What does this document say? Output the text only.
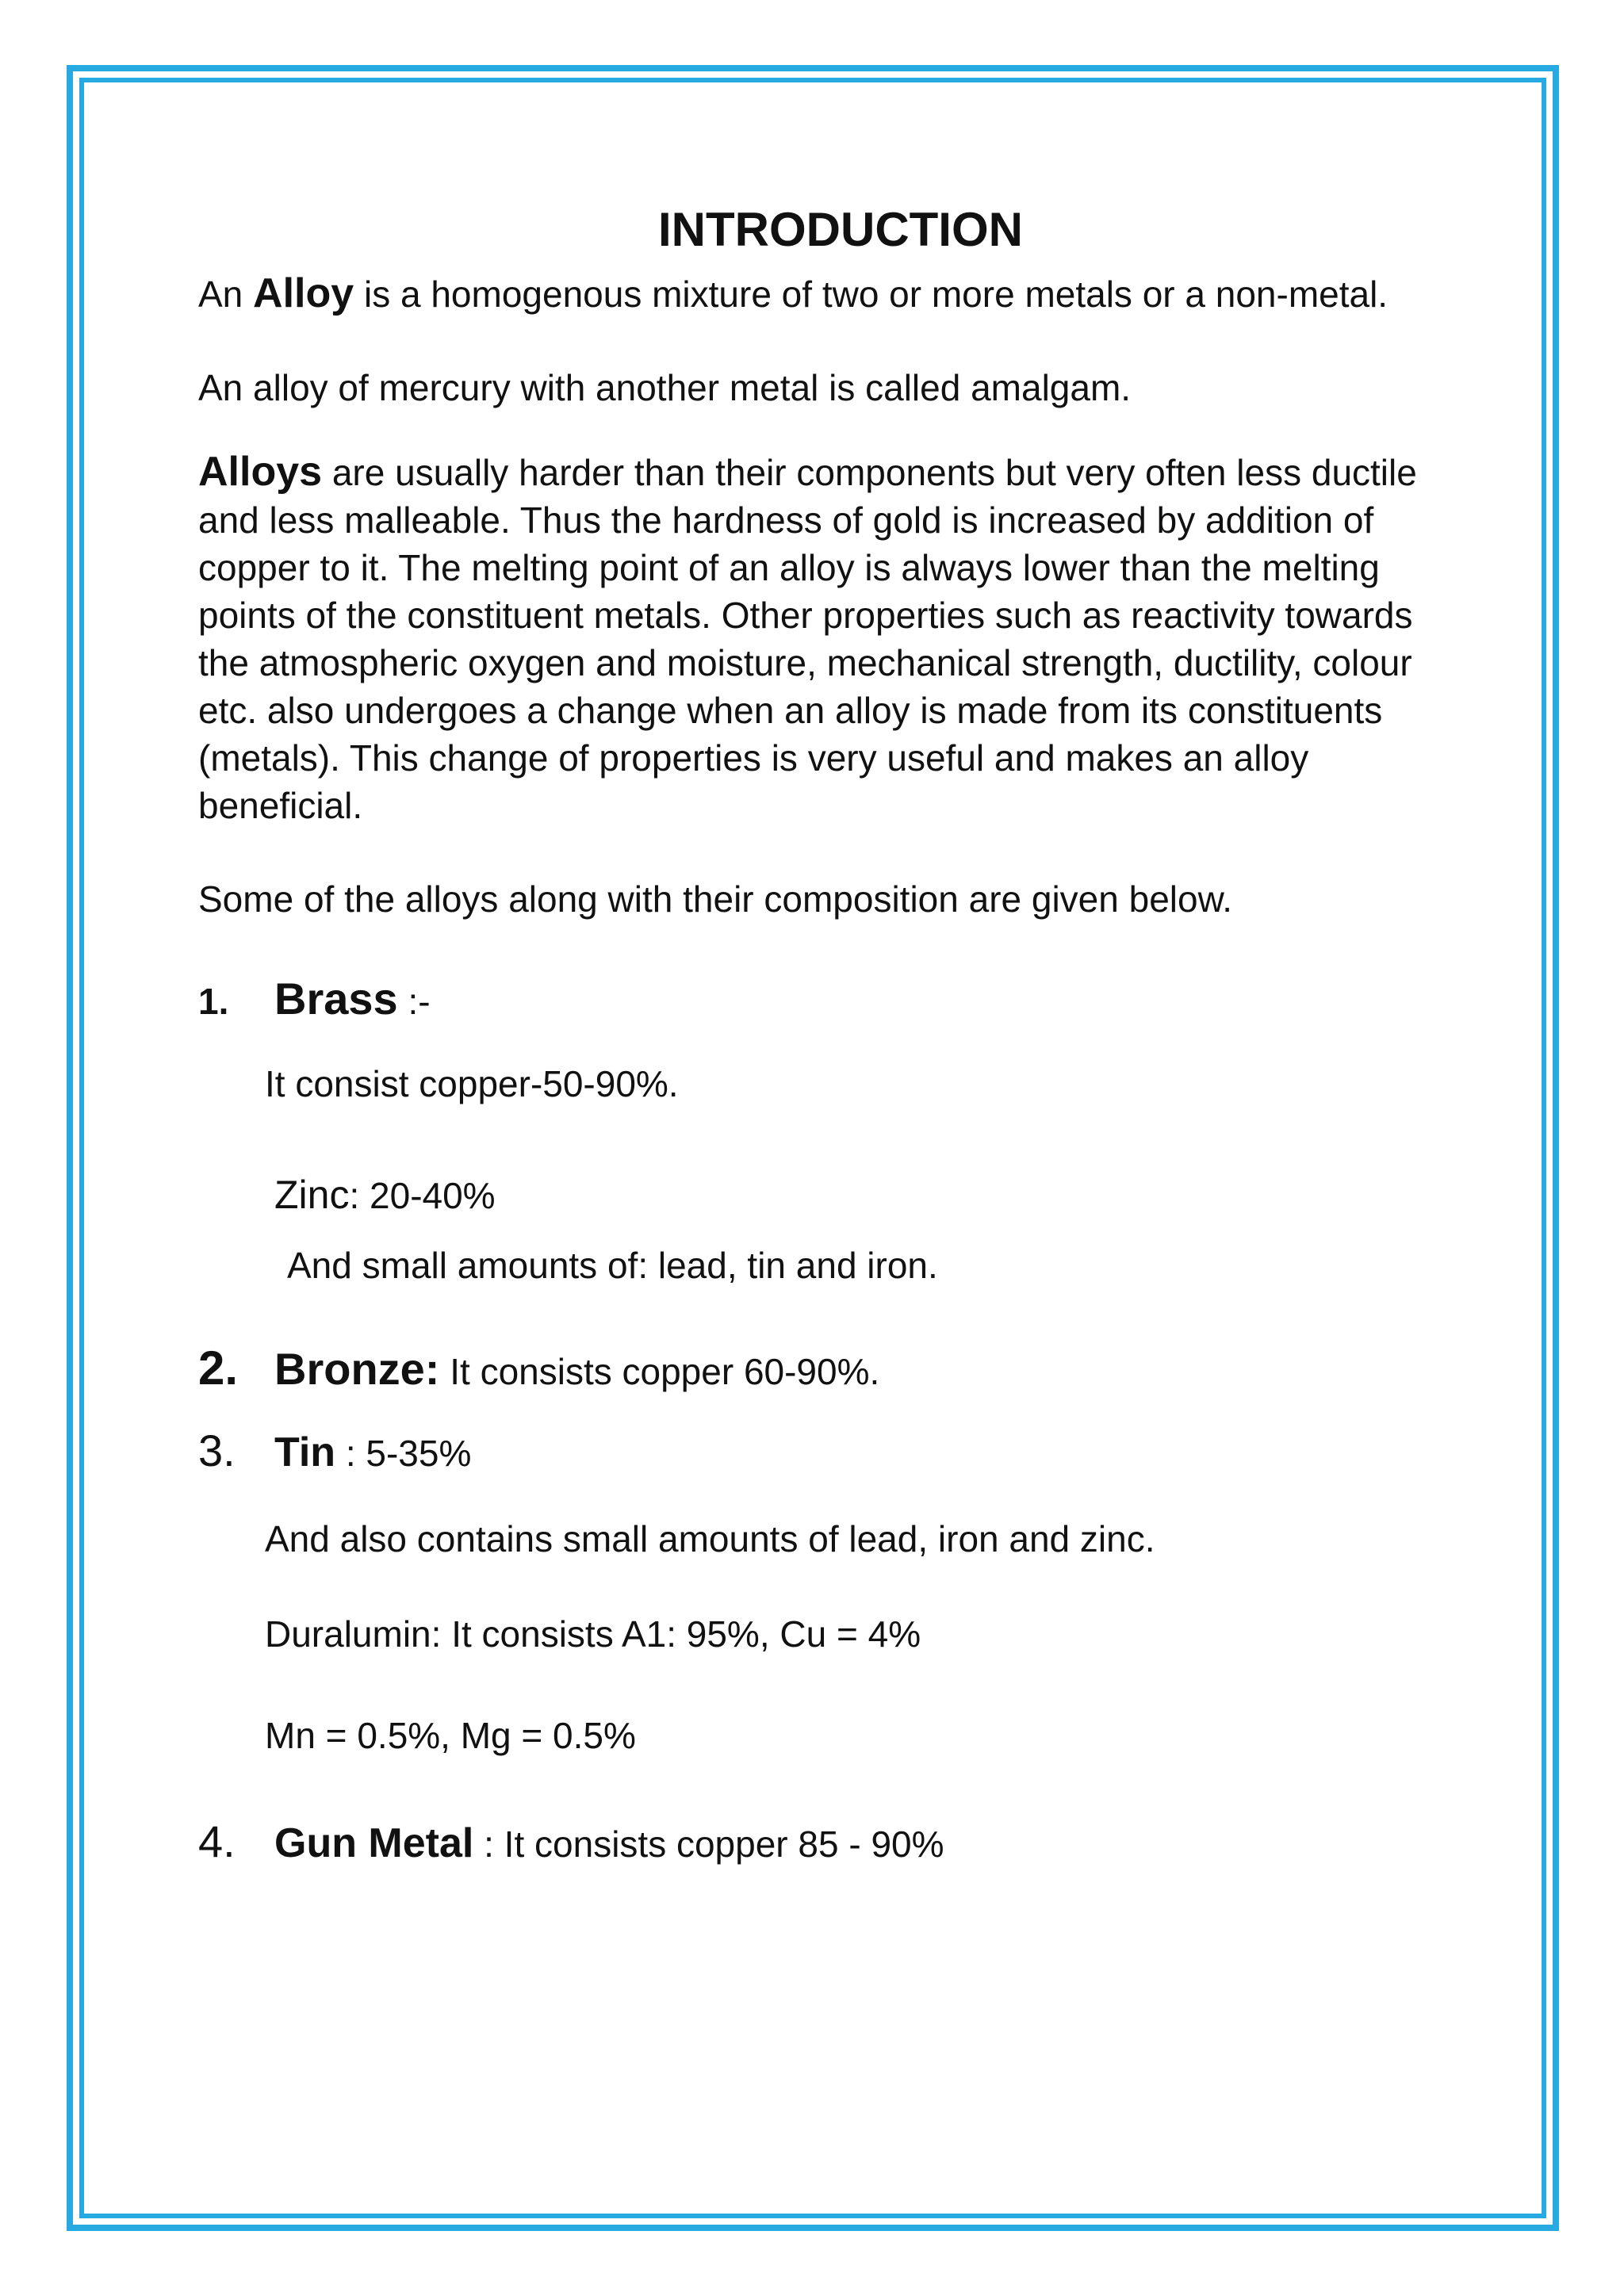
INTRODUCTION

An Alloy is a homogenous mixture of two or more metals or a non-metal.

An alloy of mercury with another metal is called amalgam.

Alloys are usually harder than their components but very often less ductile and less malleable. Thus the hardness of gold is increased by addition of copper to it. The melting point of an alloy is always lower than the melting points of the constituent metals. Other properties such as reactivity towards the atmospheric oxygen and moisture, mechanical strength, ductility, colour etc. also undergoes a change when an alloy is made from its constituents (metals). This change of properties is very useful and makes an alloy beneficial.

Some of the alloys along with their composition are given below.

1.	Brass :-

It consist copper-50-90%.

Zinc: 20-40%

And small amounts of: lead, tin and iron.

2. Bronze: It consists copper 60-90%.
3. Tin : 5-35%

And also contains small amounts of lead, iron and zinc.

Duralumin: It consists A1: 95%, Cu = 4%

Mn = 0.5%, Mg = 0.5%

4. Gun Metal : It consists copper 85 - 90%
